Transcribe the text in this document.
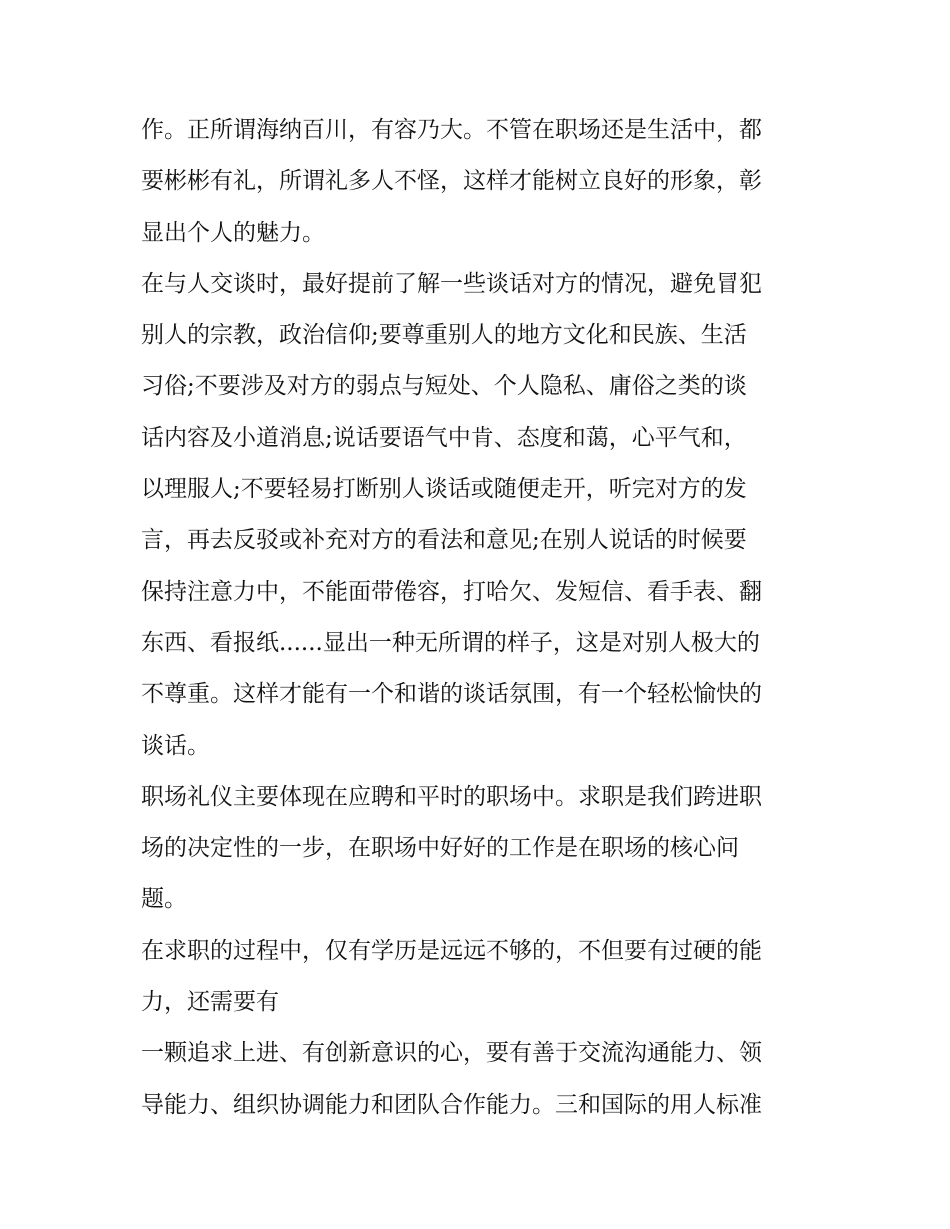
作。正所谓海纳百川，有容乃大。不管在职场还是生活中，都
要彬彬有礼，所谓礼多人不怪，这样才能树立良好的形象，彰
显出个人的魅力。
在与人交谈时，最好提前了解一些谈话对方的情况，避免冒犯
别人的宗教，政治信仰;要尊重别人的地方文化和民族、生活
习俗;不要涉及对方的弱点与短处、个人隐私、庸俗之类的谈
话内容及小道消息;说话要语气中肯、态度和蔼，心平气和，
以理服人;不要轻易打断别人谈话或随便走开，听完对方的发
言，再去反驳或补充对方的看法和意见;在别人说话的时候要
保持注意力中，不能面带倦容，打哈欠、发短信、看手表、翻
东西、看报纸......显出一种无所谓的样子，这是对别人极大的
不尊重。这样才能有一个和谐的谈话氛围，有一个轻松愉快的
谈话。
职场礼仪主要体现在应聘和平时的职场中。求职是我们跨进职
场的决定性的一步，在职场中好好的工作是在职场的核心问
题。
在求职的过程中，仅有学历是远远不够的，不但要有过硬的能
力，还需要有
一颗追求上进、有创新意识的心，要有善于交流沟通能力、领
导能力、组织协调能力和团队合作能力。三和国际的用人标准
